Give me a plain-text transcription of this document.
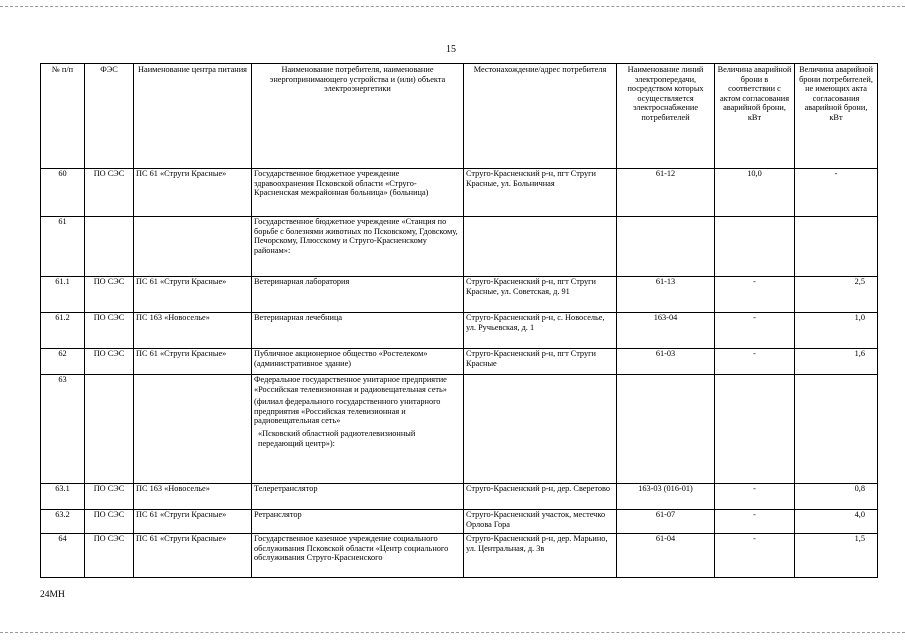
15
№ п/п	ФЭС	Наименование центра питания	Наименование потребителя, наименование энергопринимающего устройства и (или) объекта электроэнергетики	Местонахождение/адрес потребителя	Наименование линий электропередачи, посредством которых осуществляется электроснабжение потребителей	Величина аварийной брони в соответствии с актом согласования аварийной брони, кВт	Величина аварийной брони потребителей, не имеющих акта согласования аварийной брони, кВт
60	ПО СЭС	ПС 61 «Струги Красные»	Государственное бюджетное учреждение здравоохранения Псковской области «Струго-Красненская межрайонная больница» (больница)	Струго-Красненский р-н, пгт Струги Красные, ул. Больничная	61-12	10,0	-
61			Государственное бюджетное учреждение «Станция по борьбе с болезнями животных по Псковскому, Гдовскому, Печорскому, Плюсскому и Струго-Красненскому районам»:				
61.1	ПО СЭС	ПС 61 «Струги Красные»	Ветеринарная лаборатория	Струго-Красненский р-н, пгт Струги Красные, ул. Советская, д. 91	61-13	-	2,5
61.2	ПО СЭС	ПС 163 «Новоселье»	Ветеринарная лечебница	Струго-Красненский р-н, с. Новоселье, ул. Ручьевская, д. 1	163-04	-	1,0
62	ПО СЭС	ПС 61 «Струги Красные»	Публичное акционерное общество «Ростелеком» (административное здание)	Струго-Красненский р-н, пгт Струги Красные	61-03	-	1,6
63			Федеральное государственное унитарное предприятие «Российская телевизионная и радиовещательная сеть»

(филиал федерального государственного унитарного предприятия «Российская телевизионная и радиовещательная сеть»

«Псковский областной радиотелевизионный передающий центр»):				

63.1	ПО СЭС	ПС 163 «Новоселье»	Телеретранслятор	Струго-Красненский р-н, дер. Сверетово	163-03 (016-01)	-	0,8
63.2	ПО СЭС	ПС 61 «Струги Красные»	Ретранслятор	Струго-Красненский участок, местечко Орлова Гора	61-07	-	4,0
64	ПО СЭС	ПС 61 «Струги Красные»	Государственное казенное учреждение социального обслуживания Псковской области «Центр социального обслуживания Струго-Красненского	Струго-Красненский р-н, дер. Марьино, ул. Центральная, д. 3в	61-04	-	1,5
24МН
